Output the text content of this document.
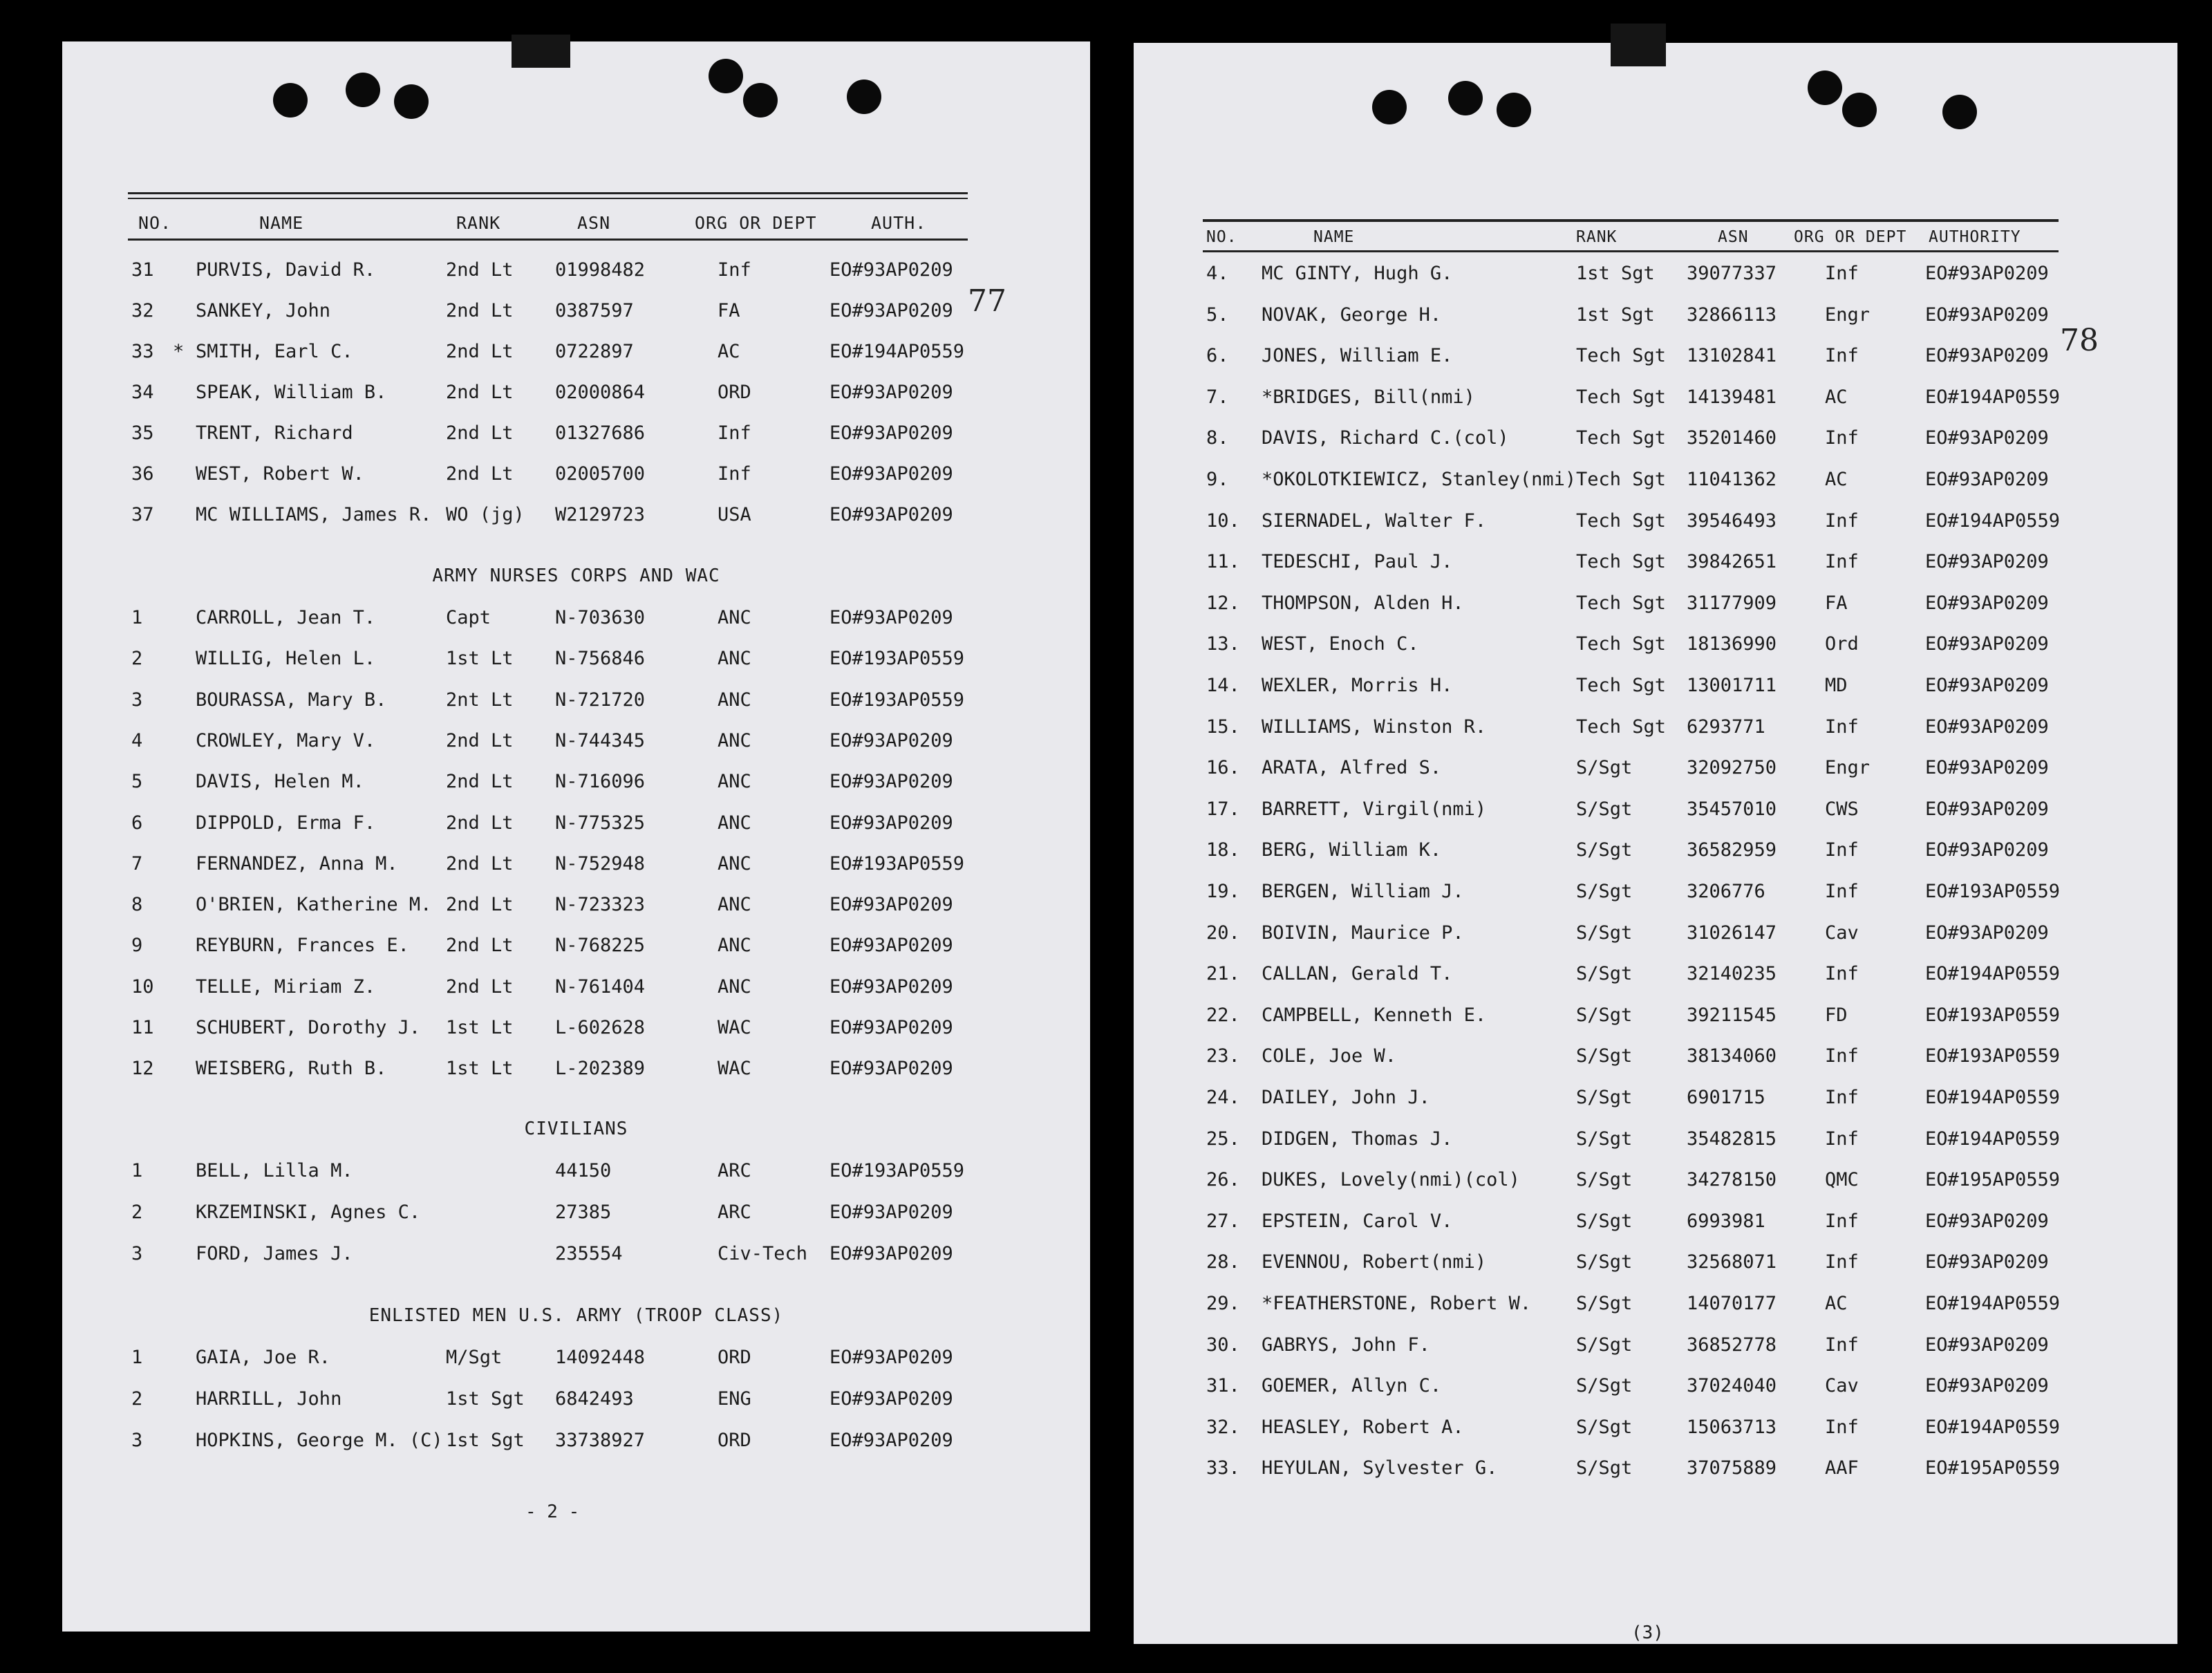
NO.	NAME	RANK	ASN	ORG OR DEPT	AUTH.
31 PURVIS, David R.	2nd Lt 01998482	Inf	EO#93AP0209
32 SANKEY, John	2nd Lt 0387597	FA	EO#93AP0209
33 * SMITH, Earl C.	2nd Lt 0722897	AC	EO#194AP0559
34 SPEAK, William B.	2nd Lt 02000864	ORD	EO#93AP0209
35 TRENT, Richard	2nd Lt 01327686	Inf	EO#93AP0209
36 WEST, Robert W.	2nd Lt 02005700	Inf	EO#93AP0209
37 MC WILLIAMS, James R. WO (jg) W2129723	USA	EO#93AP0209
ARMY NURSES CORPS AND WAC
1	CARROLL, Jean T.	Capt	N-703630	ANC	EO#93AP0209
2	WILLIG, Helen L.	1st Lt N-756846	ANC	EO#193AP0559
3	BOURASSA, Mary B.	2nt Lt N-721720	ANC	EO#193AP0559
4	CROWLEY, Mary V.	2nd Lt N-744345	ANC	EO#93AP0209
5	DAVIS, Helen M.	2nd Lt N-716096	ANC	EO#93AP0209
6	DIPPOLD, Erma F.	2nd Lt N-775325	ANC	EO#93AP0209
7	FERNANDEZ, Anna M.	2nd Lt N-752948	ANC	EO#193AP0559
8	O'BRIEN, Katherine M. 2nd Lt N-723323	ANC	EO#93AP0209
9	REYBURN, Frances E. 2nd Lt N-768225	ANC	EO#93AP0209
10 TELLE, Miriam Z.	2nd Lt N-761404	ANC	EO#93AP0209
11 SCHUBERT, Dorothy J. 1st Lt L-602628	WAC	EO#93AP0209
12 WEISBERG, Ruth B.	1st Lt L-202389	WAC	EO#93AP0209
CIVILIANS
1	BELL, Lilla M.	44150	ARC	EO#193AP0559
2	KRZEMINSKI, Agnes C.	27385	ARC	EO#93AP0209
3	FORD, James J.	235554	Civ-Tech EO#93AP0209
ENLISTED MEN U.S. ARMY (TROOP CLASS)
1	GAIA, Joe R.	M/Sgt	14092448	ORD	EO#93AP0209
2	HARRILL, John	1st Sgt 6842493	ENG	EO#93AP0209
3	HOPKINS, George M. (C) 1st Sgt 33738927	ORD	EO#93AP0209
- 2 -
77
NO.	NAME	RANK	ASN	ORG OR DEPT AUTHORITY
4. MC GINTY, Hugh G.	1st Sgt 39077337	Inf	EO#93AP0209
5. NOVAK, George H.	1st Sgt 32866113	Engr	EO#93AP0209
6. JONES, William E.	Tech Sgt 13102841	Inf	EO#93AP0209
7. *BRIDGES, Bill(nmi)	Tech Sgt 14139481	AC	EO#194AP0559
8. DAVIS, Richard C.(col)	Tech Sgt 35201460	Inf	EO#93AP0209
9. *OKOLOTKIEWICZ, Stanley(nmi) Tech Sgt 11041362	AC	EO#93AP0209
10. SIERNADEL, Walter F.	Tech Sgt 39546493	Inf	EO#194AP0559
11. TEDESCHI, Paul J.	Tech Sgt 39842651	Inf	EO#93AP0209
12. THOMPSON, Alden H.	Tech Sgt 31177909	FA	EO#93AP0209
13. WEST, Enoch C.	Tech Sgt 18136990	Ord	EO#93AP0209
14. WEXLER, Morris H.	Tech Sgt 13001711	MD	EO#93AP0209
15. WILLIAMS, Winston R.	Tech Sgt 6293771	Inf	EO#93AP0209
16. ARATA, Alfred S.	S/Sgt	32092750	Engr	EO#93AP0209
17. BARRETT, Virgil(nmi)	S/Sgt	35457010	CWS	EO#93AP0209
18. BERG, William K.	S/Sgt	36582959	Inf	EO#93AP0209
19. BERGEN, William J.	S/Sgt	3206776	Inf	EO#193AP0559
20. BOIVIN, Maurice P.	S/Sgt	31026147	Cav	EO#93AP0209
21. CALLAN, Gerald T.	S/Sgt	32140235	Inf	EO#194AP0559
22. CAMPBELL, Kenneth E.	S/Sgt	39211545	FD	EO#193AP0559
23. COLE, Joe W.	S/Sgt	38134060	Inf	EO#193AP0559
24. DAILEY, John J.	S/Sgt	6901715	Inf	EO#194AP0559
25. DIDGEN, Thomas J.	S/Sgt	35482815	Inf	EO#194AP0559
26. DUKES, Lovely(nmi)(col)	S/Sgt	34278150	QMC	EO#195AP0559
27. EPSTEIN, Carol V.	S/Sgt	6993981	Inf	EO#93AP0209
28. EVENNOU, Robert(nmi)	S/Sgt	32568071	Inf	EO#93AP0209
29. *FEATHERSTONE, Robert W. S/Sgt	14070177	AC	EO#194AP0559
30. GABRYS, John F.	S/Sgt	36852778	Inf	EO#93AP0209
31. GOEMER, Allyn C.	S/Sgt	37024040	Cav	EO#93AP0209
32. HEASLEY, Robert A.	S/Sgt	15063713	Inf	EO#194AP0559
33. HEYULAN, Sylvester G.	S/Sgt	37075889	AAF	EO#195AP0559
(3)
78
